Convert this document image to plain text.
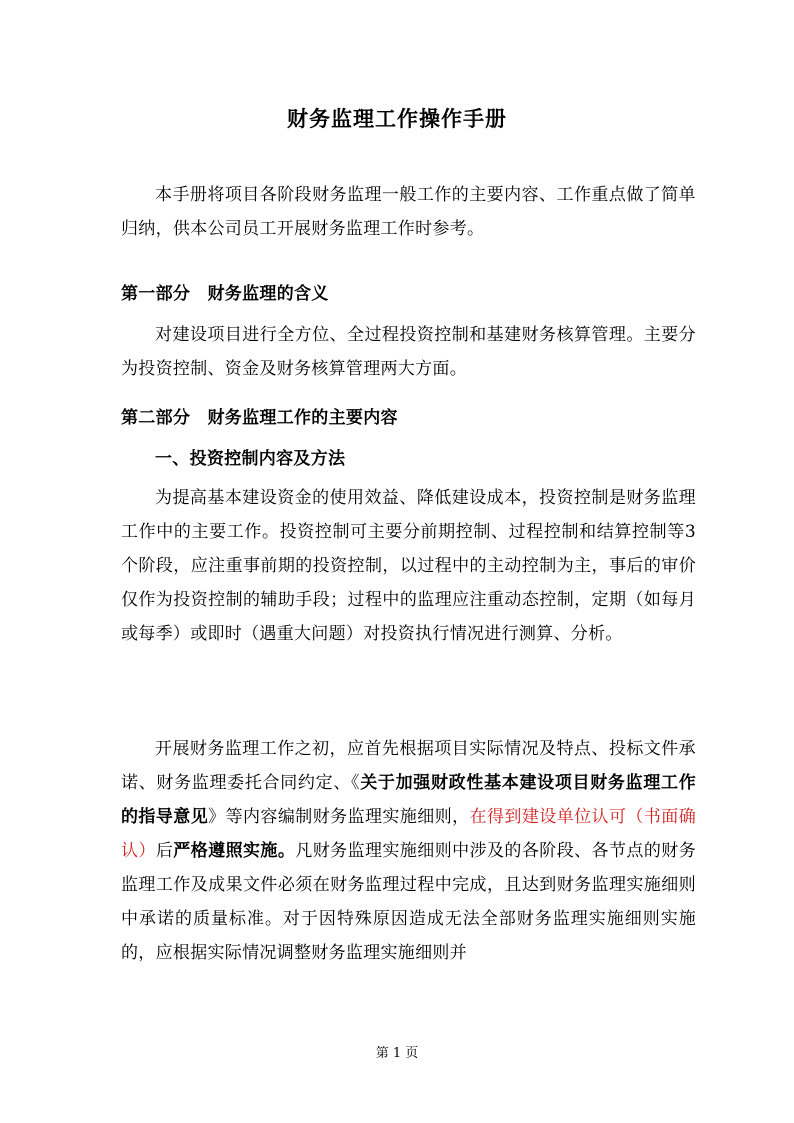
财务监理工作操作手册
本手册将项目各阶段财务监理一般工作的主要内容、工作重点做了简单归纳，供本公司员工开展财务监理工作时参考。
第一部分　财务监理的含义
对建设项目进行全方位、全过程投资控制和基建财务核算管理。主要分为投资控制、资金及财务核算管理两大方面。
第二部分　财务监理工作的主要内容
一、投资控制内容及方法
为提高基本建设资金的使用效益、降低建设成本，投资控制是财务监理工作中的主要工作。投资控制可主要分前期控制、过程控制和结算控制等3个阶段，应注重事前期的投资控制，以过程中的主动控制为主，事后的审价仅作为投资控制的辅助手段；过程中的监理应注重动态控制，定期（如每月或每季）或即时（遇重大问题）对投资执行情况进行测算、分析。
开展财务监理工作之初，应首先根据项目实际情况及特点、投标文件承诺、财务监理委托合同约定、《关于加强财政性基本建设项目财务监理工作的指导意见》等内容编制财务监理实施细则，在得到建设单位认可（书面确认）后严格遵照实施。凡财务监理实施细则中涉及的各阶段、各节点的财务监理工作及成果文件必须在财务监理过程中完成，且达到财务监理实施细则中承诺的质量标准。对于因特殊原因造成无法全部财务监理实施细则实施的，应根据实际情况调整财务监理实施细则并
第 1 页
